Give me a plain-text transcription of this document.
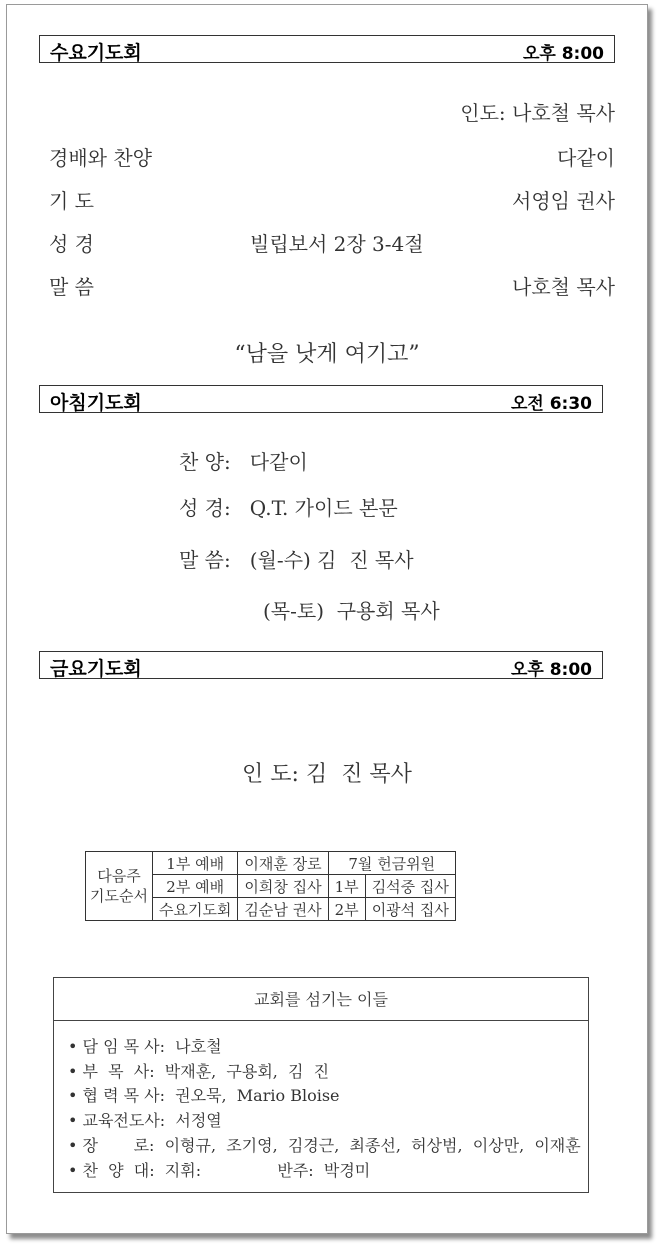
수요기도회	오후 8:00
인도: 나호철 목사
경배와 찬양	다같이
기 도	서영임 권사
성 경	빌립보서 2장 3-4절
말 씀	나호철 목사
“남을 낫게 여기고”
아침기도회	오전 6:30
찬 양:   다같이
성 경:   Q.T. 가이드 본문
말 씀:   (월-수) 김  진 목사
(목-토)  구용회 목사
금요기도회	오후 8:00
인 도: 김  진 목사
다음주
기도순서	1부 예배	이재훈 장로	7월 헌금위원	
	2부 예배	이희창 집사	1부	김석중 집사
	수요기도회	김순남 권사	2부	이광석 집사
교회를 섬기는 이들
• 담 임 목 사:  나호철
• 부  목  사:  박재훈,  구용회,  김  진
• 협 력 목 사:  권오묵,  Mario Bloise
• 교육전도사:  서정열
• 장       로:  이형규,  조기영,  김경근,  최종선,  허상범,  이상만,  이재훈
• 찬  양  대:  지휘:               반주:  박경미
